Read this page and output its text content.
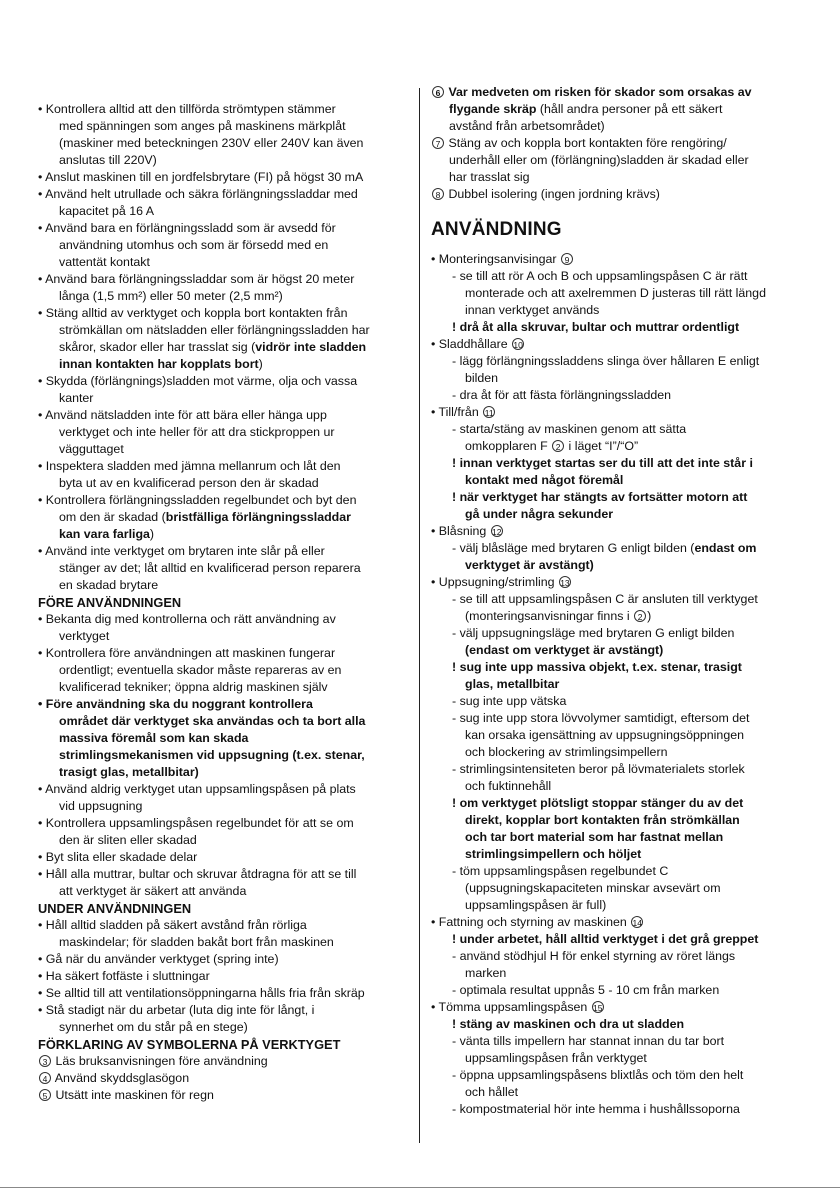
• Kontrollera alltid att den tillförda strömtypen stämmer
med spänningen som anges på maskinens märkplåt
(maskiner med beteckningen 230V eller 240V kan även
anslutas till 220V)
• Anslut maskinen till en jordfelsbrytare (FI) på högst 30 mA
• Använd helt utrullade och säkra förlängningssladdar med
kapacitet på 16 A
• Använd bara en förlängningssladd som är avsedd för
användning utomhus och som är försedd med en
vattentät kontakt
• Använd bara förlängningssladdar som är högst 20 meter
långa (1,5 mm²) eller 50 meter (2,5 mm²)
• Stäng alltid av verktyget och koppla bort kontakten från
strömkällan om nätsladden eller förlängningssladden har
skåror, skador eller har trasslat sig (vidrör inte sladden
innan kontakten har kopplats bort)
• Skydda (förlängnings)sladden mot värme, olja och vassa
kanter
• Använd nätsladden inte för att bära eller hänga upp
verktyget och inte heller för att dra stickproppen ur
vägguttaget
• Inspektera sladden med jämna mellanrum och låt den
byta ut av en kvalificerad person den är skadad
• Kontrollera förlängningssladden regelbundet och byt den
om den är skadad (bristfälliga förlängningssladdar
kan vara farliga)
• Använd inte verktyget om brytaren inte slår på eller
stänger av det; låt alltid en kvalificerad person reparera
en skadad brytare
FÖRE ANVÄNDNINGEN
• Bekanta dig med kontrollerna och rätt användning av
verktyget
• Kontrollera före användningen att maskinen fungerar
ordentligt; eventuella skador måste repareras av en
kvalificerad tekniker; öppna aldrig maskinen själv
• Före användning ska du noggrant kontrollera
området där verktyget ska användas och ta bort alla
massiva föremål som kan skada
strimlingsmekanismen vid uppsugning (t.ex. stenar,
trasigt glas, metallbitar)
• Använd aldrig verktyget utan uppsamlingspåsen på plats
vid uppsugning
• Kontrollera uppsamlingspåsen regelbundet för att se om
den är sliten eller skadad
• Byt slita eller skadade delar
• Håll alla muttrar, bultar och skruvar åtdragna för att se till
att verktyget är säkert att använda
UNDER ANVÄNDNINGEN
• Håll alltid sladden på säkert avstånd från rörliga
maskindelar; för sladden bakåt bort från maskinen
• Gå när du använder verktyget (spring inte)
• Ha säkert fotfäste i sluttningar
• Se alltid till att ventilationsöppningarna hålls fria från skräp
• Stå stadigt när du arbetar (luta dig inte för långt, i
synnerhet om du står på en stege)
FÖRKLARING AV SYMBOLERNA PÅ VERKTYGET
3 Läs bruksanvisningen före användning
4 Använd skyddsglasögon
5 Utsätt inte maskinen för regn
6 Var medveten om risken för skador som orsakas av
flygande skräp (håll andra personer på ett säkert
avstånd från arbetsområdet)
7 Stäng av och koppla bort kontakten före rengöring/
underhåll eller om (förlängning)sladden är skadad eller
har trasslat sig
8 Dubbel isolering (ingen jordning krävs)
ANVÄNDNING
• Monteringsanvisingar 9
- se till att rör A och B och uppsamlingspåsen C är rätt
monterade och att axelremmen D justeras till rätt längd
innan verktyget används
! drå åt alla skruvar, bultar och muttrar ordentligt
• Sladdhållare 10
- lägg förlängningssladdens slinga över hållaren E enligt
bilden
- dra åt för att fästa förlängningssladden
• Till/från 11
- starta/stäng av maskinen genom att sätta
omkopplaren F 2 i läget “I”/“O”
! innan verktyget startas ser du till att det inte står i
kontakt med något föremål
! när verktyget har stängts av fortsätter motorn att
gå under några sekunder
• Blåsning 12
- välj blåsläge med brytaren G enligt bilden (endast om
verktyget är avstängt)
• Uppsugning/strimling 13
- se till att uppsamlingspåsen C är ansluten till verktyget
(monteringsanvisningar finns i 2 )
- välj uppsugningsläge med brytaren G enligt bilden
(endast om verktyget är avstängt)
! sug inte upp massiva objekt, t.ex. stenar, trasigt
glas, metallbitar
- sug inte upp vätska
- sug inte upp stora lövvolymer samtidigt, eftersom det
kan orsaka igensättning av uppsugningsöppningen
och blockering av strimlingsimpellern
- strimlingsintensiteten beror på lövmaterialets storlek
och fuktinnehåll
! om verktyget plötsligt stoppar stänger du av det
direkt, kopplar bort kontakten från strömkällan
och tar bort material som har fastnat mellan
strimlingsimpellern och höljet
- töm uppsamlingspåsen regelbundet C
(uppsugningskapaciteten minskar avsevärt om
uppsamlingspåsen är full)
• Fattning och styrning av maskinen 14
! under arbetet, håll alltid verktyget i det grå greppet
- använd stödhjul H för enkel styrning av röret längs
marken
- optimala resultat uppnås 5 - 10 cm från marken
• Tömma uppsamlingspåsen 15
! stäng av maskinen och dra ut sladden
- vänta tills impellern har stannat innan du tar bort
uppsamlingspåsen från verktyget
- öppna uppsamlingspåsens blixtlås och töm den helt
och hållet
- kompostmaterial hör inte hemma i hushållssoporna
